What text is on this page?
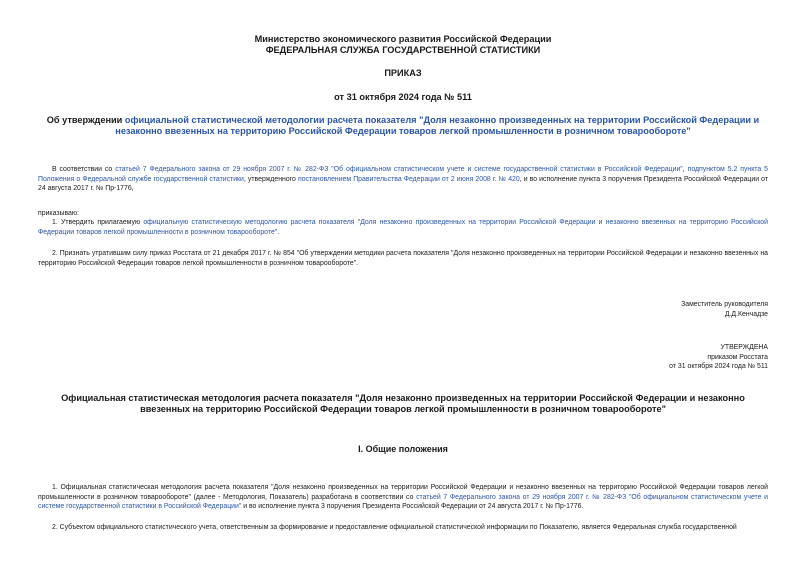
Министерство экономического развития Российской Федерации
ФЕДЕРАЛЬНАЯ СЛУЖБА ГОСУДАРСТВЕННОЙ СТАТИСТИКИ
ПРИКАЗ
от 31 октября 2024 года № 511
Об утверждении официальной статистической методологии расчета показателя "Доля незаконно произведенных на территории Российской Федерации и незаконно ввезенных на территорию Российской Федерации товаров легкой промышленности в розничном товарообороте"

В соответствии со статьей 7 Федерального закона от 29 ноября 2007 г. № 282-ФЗ "Об официальном статистическом учете и системе государственной статистики в Российской Федерации", подпунктом 5.2 пункта 5 Положения о Федеральной службе государственной статистики, утвержденного постановлением Правительства Федерации от 2 июня 2008 г. № 420, и во исполнение пункта 3 поручения Президента Российской Федерации от 24 августа 2017 г. № Пр-1776,

приказываю:

1. Утвердить прилагаемую официальную статистическую методологию расчета показателя "Доля незаконно произведенных на территории Российской Федерации и незаконно ввезенных на территорию Российской Федерации товаров легкой промышленности в розничном товарообороте".

2. Признать утратившим силу приказ Росстата от 21 декабря 2017 г. № 854 "Об утверждении методики расчета показателя "Доля незаконно произведенных на территории Российской Федерации и незаконно ввезенных на территорию Российской Федерации товаров легкой промышленности в розничном товарообороте".

Заместитель руководителя
Д.Д.Кенчадзе
УТВЕРЖДЕНА
приказом Росстата
от 31 октября 2024 года № 511
Официальная статистическая методология расчета показателя "Доля незаконно произведенных на территории Российской Федерации и незаконно ввезенных на территорию Российской Федерации товаров легкой промышленности в розничном товарообороте"
I. Общие положения

1. Официальная статистическая методология расчета показателя "Доля незаконно произведенных на территории Российской Федерации и незаконно ввезенных на территорию Российской Федерации товаров легкой промышленности в розничном товарообороте" (далее - Методология, Показатель) разработана в соответствии со статьей 7 Федерального закона от 29 ноября 2007 г. № 282-ФЗ "Об официальном статистическом учете и системе государственной статистики в Российской Федерации" и во исполнение пункта 3 поручения Президента Российской Федерации от 24 августа 2017 г. № Пр-1776.

2. Субъектом официального статистического учета, ответственным за формирование и предоставление официальной статистической информации по Показателю, является Федеральная служба государственной
